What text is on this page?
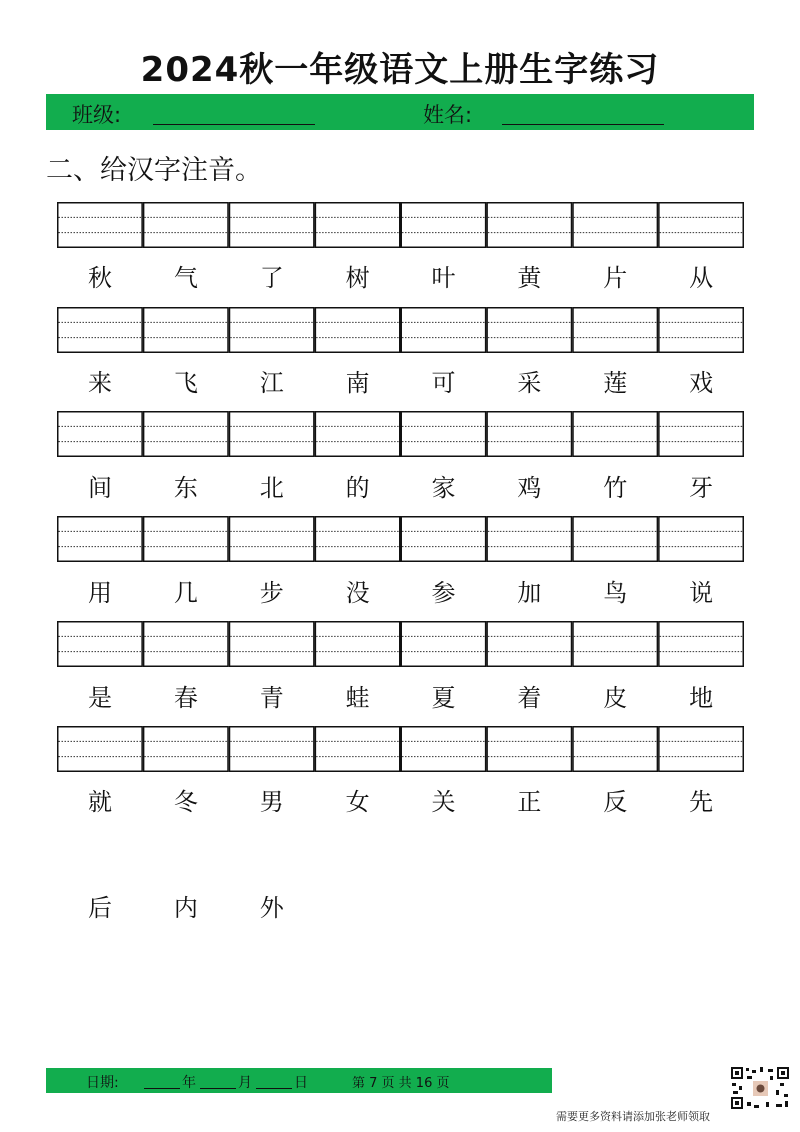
2024秋一年级语文上册生字练习
班级:	姓名:
二、给汉字注音。
秋	气	了	树	叶	黄	片	从
来	飞	江	南	可	采	莲	戏
间	东	北	的	家	鸡	竹	牙
用	几	步	没	参	加	鸟	说
是	春	青	蛙	夏	着	皮	地
就	冬	男	女	关	正	反	先
后	内	外
日期:	年	月	日	第 7 页 共 16 页
需要更多资料请添加张老师领取
